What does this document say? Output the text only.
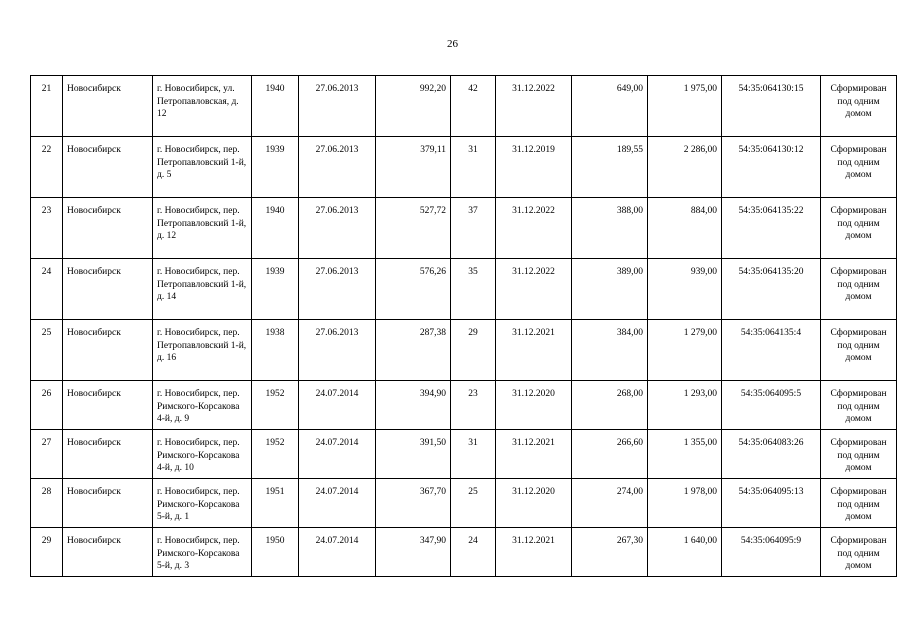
26
21	Новосибирск	г. Новосибирск, ул. Петропавловская, д. 12	1940	27.06.2013	992,20	42	31.12.2022	649,00	1 975,00	54:35:064130:15	Сформирован под одним домом
22	Новосибирск	г. Новосибирск, пер. Петропавловский 1-й, д. 5	1939	27.06.2013	379,11	31	31.12.2019	189,55	2 286,00	54:35:064130:12	Сформирован под одним домом
23	Новосибирск	г. Новосибирск, пер. Петропавловский 1-й, д. 12	1940	27.06.2013	527,72	37	31.12.2022	388,00	884,00	54:35:064135:22	Сформирован под одним домом
24	Новосибирск	г. Новосибирск, пер. Петропавловский 1-й, д. 14	1939	27.06.2013	576,26	35	31.12.2022	389,00	939,00	54:35:064135:20	Сформирован под одним домом
25	Новосибирск	г. Новосибирск, пер. Петропавловский 1-й, д. 16	1938	27.06.2013	287,38	29	31.12.2021	384,00	1 279,00	54:35:064135:4	Сформирован под одним домом
26	Новосибирск	г. Новосибирск, пер. Римского-Корсакова 4-й, д. 9	1952	24.07.2014	394,90	23	31.12.2020	268,00	1 293,00	54:35:064095:5	Сформирован под одним домом
27	Новосибирск	г. Новосибирск, пер. Римского-Корсакова 4-й, д. 10	1952	24.07.2014	391,50	31	31.12.2021	266,60	1 355,00	54:35:064083:26	Сформирован под одним домом
28	Новосибирск	г. Новосибирск, пер. Римского-Корсакова 5-й, д. 1	1951	24.07.2014	367,70	25	31.12.2020	274,00	1 978,00	54:35:064095:13	Сформирован под одним домом
29	Новосибирск	г. Новосибирск, пер. Римского-Корсакова 5-й, д. 3	1950	24.07.2014	347,90	24	31.12.2021	267,30	1 640,00	54:35:064095:9	Сформирован под одним домом
